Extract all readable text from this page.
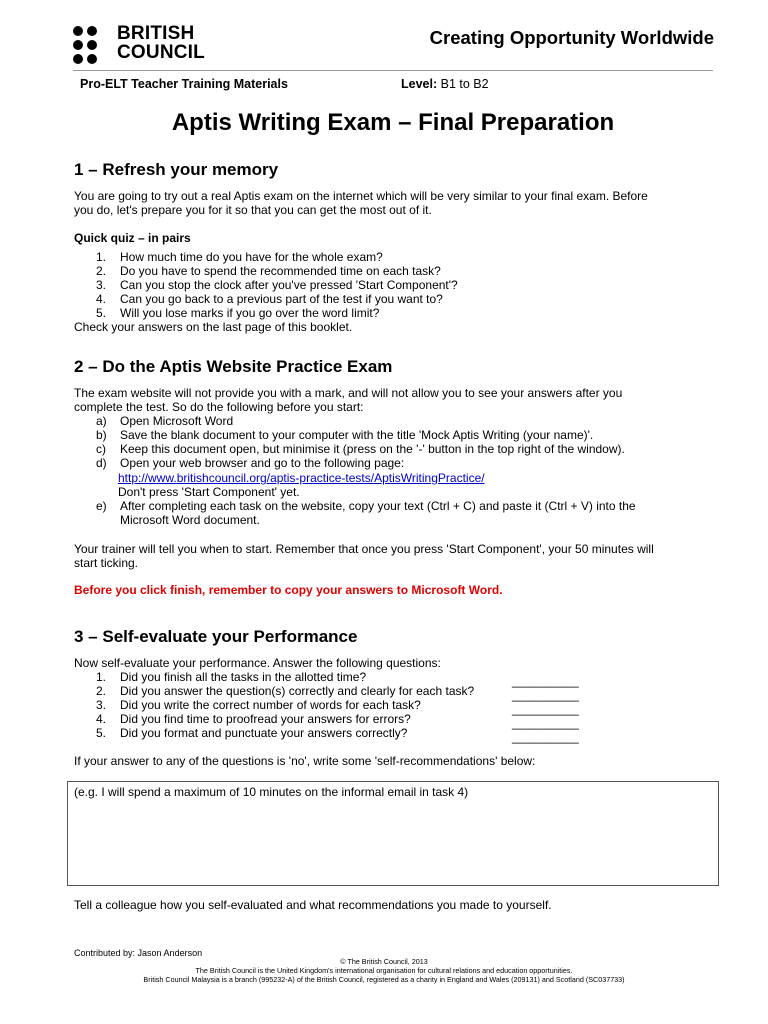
BRITISH
COUNCIL
Creating Opportunity Worldwide
Pro-ELT Teacher Training Materials	Level: B1 to B2
Aptis Writing Exam – Final Preparation
1 – Refresh your memory
You are going to try out a real Aptis exam on the internet which will be very similar to your final exam. Before
you do, let's prepare you for it so that you can get the most out of it.
Quick quiz – in pairs
1. How much time do you have for the whole exam?
2. Do you have to spend the recommended time on each task?
3. Can you stop the clock after you've pressed 'Start Component'?
4. Can you go back to a previous part of the test if you want to?
5. Will you lose marks if you go over the word limit?
Check your answers on the last page of this booklet.
2 – Do the Aptis Website Practice Exam
The exam website will not provide you with a mark, and will not allow you to see your answers after you
complete the test. So do the following before you start:
a) Open Microsoft Word
b) Save the blank document to your computer with the title 'Mock Aptis Writing (your name)'.
c) Keep this document open, but minimise it (press on the '-' button in the top right of the window).
d) Open your web browser and go to the following page:
http://www.britishcouncil.org/aptis-practice-tests/AptisWritingPractice/
Don't press 'Start Component' yet.
e)	After completing each task on the website, copy your text (Ctrl + C) and paste it (Ctrl + V) into the
Microsoft Word document.
Your trainer will tell you when to start. Remember that once you press 'Start Component', your 50 minutes will
start ticking.
Before you click finish, remember to copy your answers to Microsoft Word.
3 – Self-evaluate your Performance
Now self-evaluate your performance. Answer the following questions:
1. Did you finish all the tasks in the allotted time?
2. Did you answer the question(s) correctly and clearly for each task?
3. Did you write the correct number of words for each task?
4. Did you find time to proofread your answers for errors?
5. Did you format and punctuate your answers correctly?
__________
__________
__________
__________
__________
If your answer to any of the questions is 'no', write some 'self-recommendations' below:
(e.g. I will spend a maximum of 10 minutes on the informal email in task 4)
Tell a colleague how you self-evaluated and what recommendations you made to yourself.
Contributed by: Jason Anderson
© The British Council, 2013
The British Council is the United Kingdom's international organisation for cultural relations and education opportunities.
British Council Malaysia is a branch (995232-A) of the British Council, registered as a charity in England and Wales (209131) and Scotland (SC037733)
